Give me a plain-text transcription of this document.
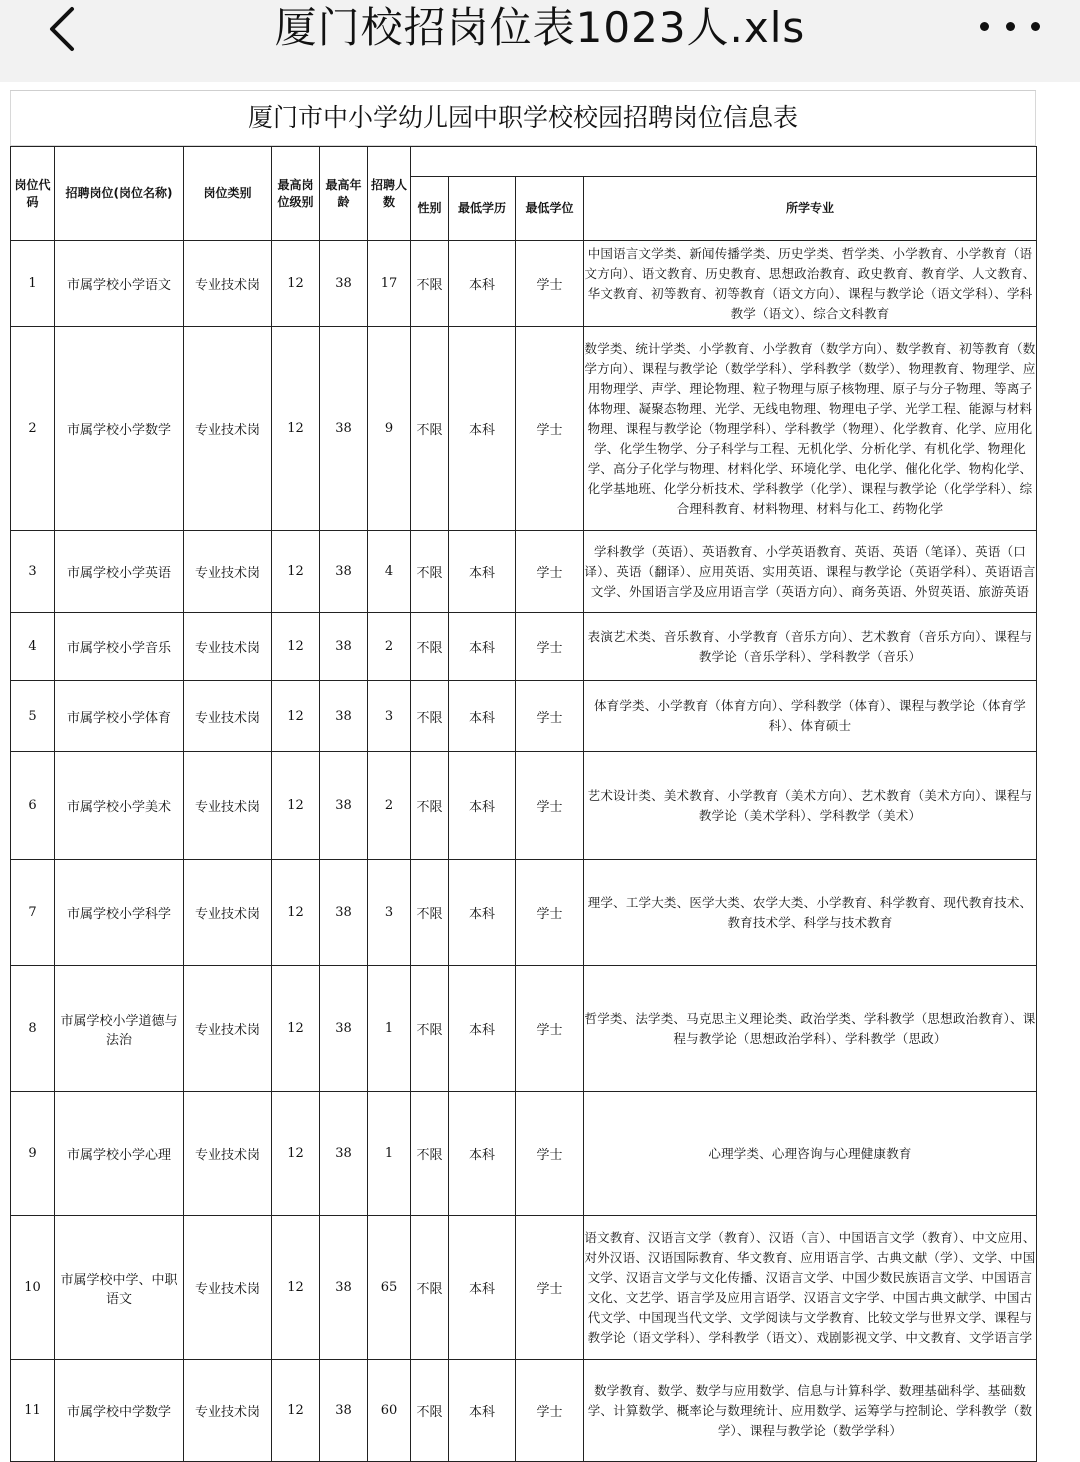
厦门校招岗位表1023人.xls
厦门市中小学幼儿园中职学校校园招聘岗位信息表
岗位代码	招聘岗位(岗位名称)	岗位类别	最高岗位级别	最高年龄	招聘人数				
						性别	最低学历	最低学位	所学专业
1	市属学校小学语文	专业技术岗	12	38	17	不限	本科	学士	中国语言文学类、新闻传播学类、历史学类、哲学类、小学教育、小学教育（语文方向）、语文教育、历史教育、思想政治教育、政史教育、教育学、人文教育、华文教育、初等教育、初等教育（语文方向）、课程与教学论（语文学科）、学科教学（语文）、综合文科教育
2	市属学校小学数学	专业技术岗	12	38	9	不限	本科	学士	数学类、统计学类、小学教育、小学教育（数学方向）、数学教育、初等教育（数学方向）、课程与教学论（数学学科）、学科教学（数学）、物理教育、物理学、应用物理学、声学、理论物理、粒子物理与原子核物理、原子与分子物理、等离子体物理、凝聚态物理、光学、无线电物理、物理电子学、光学工程、能源与材料物理、课程与教学论（物理学科）、学科教学（物理）、化学教育、化学、应用化学、化学生物学、分子科学与工程、无机化学、分析化学、有机化学、物理化学、高分子化学与物理、材料化学、环境化学、电化学、催化化学、物构化学、化学基地班、化学分析技术、学科教学（化学）、课程与教学论（化学学科）、综合理科教育、材料物理、材料与化工、药物化学
3	市属学校小学英语	专业技术岗	12	38	4	不限	本科	学士	学科教学（英语）、英语教育、小学英语教育、英语、英语（笔译）、英语（口译）、英语（翻译）、应用英语、实用英语、课程与教学论（英语学科）、英语语言文学、外国语言学及应用语言学（英语方向）、商务英语、外贸英语、旅游英语
4	市属学校小学音乐	专业技术岗	12	38	2	不限	本科	学士	表演艺术类、音乐教育、小学教育（音乐方向）、艺术教育（音乐方向）、课程与教学论（音乐学科）、学科教学（音乐）
5	市属学校小学体育	专业技术岗	12	38	3	不限	本科	学士	体育学类、小学教育（体育方向）、学科教学（体育）、课程与教学论（体育学科）、体育硕士
6	市属学校小学美术	专业技术岗	12	38	2	不限	本科	学士	艺术设计类、美术教育、小学教育（美术方向）、艺术教育（美术方向）、课程与教学论（美术学科）、学科教学（美术）
7	市属学校小学科学	专业技术岗	12	38	3	不限	本科	学士	理学、工学大类、医学大类、农学大类、小学教育、科学教育、现代教育技术、教育技术学、科学与技术教育
8	市属学校小学道德与法治	专业技术岗	12	38	1	不限	本科	学士	哲学类、法学类、马克思主义理论类、政治学类、学科教学（思想政治教育）、课程与教学论（思想政治学科）、学科教学（思政）
9	市属学校小学心理	专业技术岗	12	38	1	不限	本科	学士	心理学类、心理咨询与心理健康教育
10	市属学校中学、中职语文	专业技术岗	12	38	65	不限	本科	学士	语文教育、汉语言文学（教育）、汉语（言）、中国语言文学（教育）、中文应用、对外汉语、汉语国际教育、华文教育、应用语言学、古典文献（学）、文学、中国文学、汉语言文学与文化传播、汉语言文学、中国少数民族语言文学、中国语言文化、文艺学、语言学及应用言语学、汉语言文字学、中国古典文献学、中国古代文学、中国现当代文学、文学阅读与文学教育、比较文学与世界文学、课程与教学论（语文学科）、学科教学（语文）、戏剧影视文学、中文教育、文学语言学
11	市属学校中学数学	专业技术岗	12	38	60	不限	本科	学士	数学教育、数学、数学与应用数学、信息与计算科学、数理基础科学、基础数学、计算数学、概率论与数理统计、应用数学、运筹学与控制论、学科教学（数学）、课程与教学论（数学学科）
